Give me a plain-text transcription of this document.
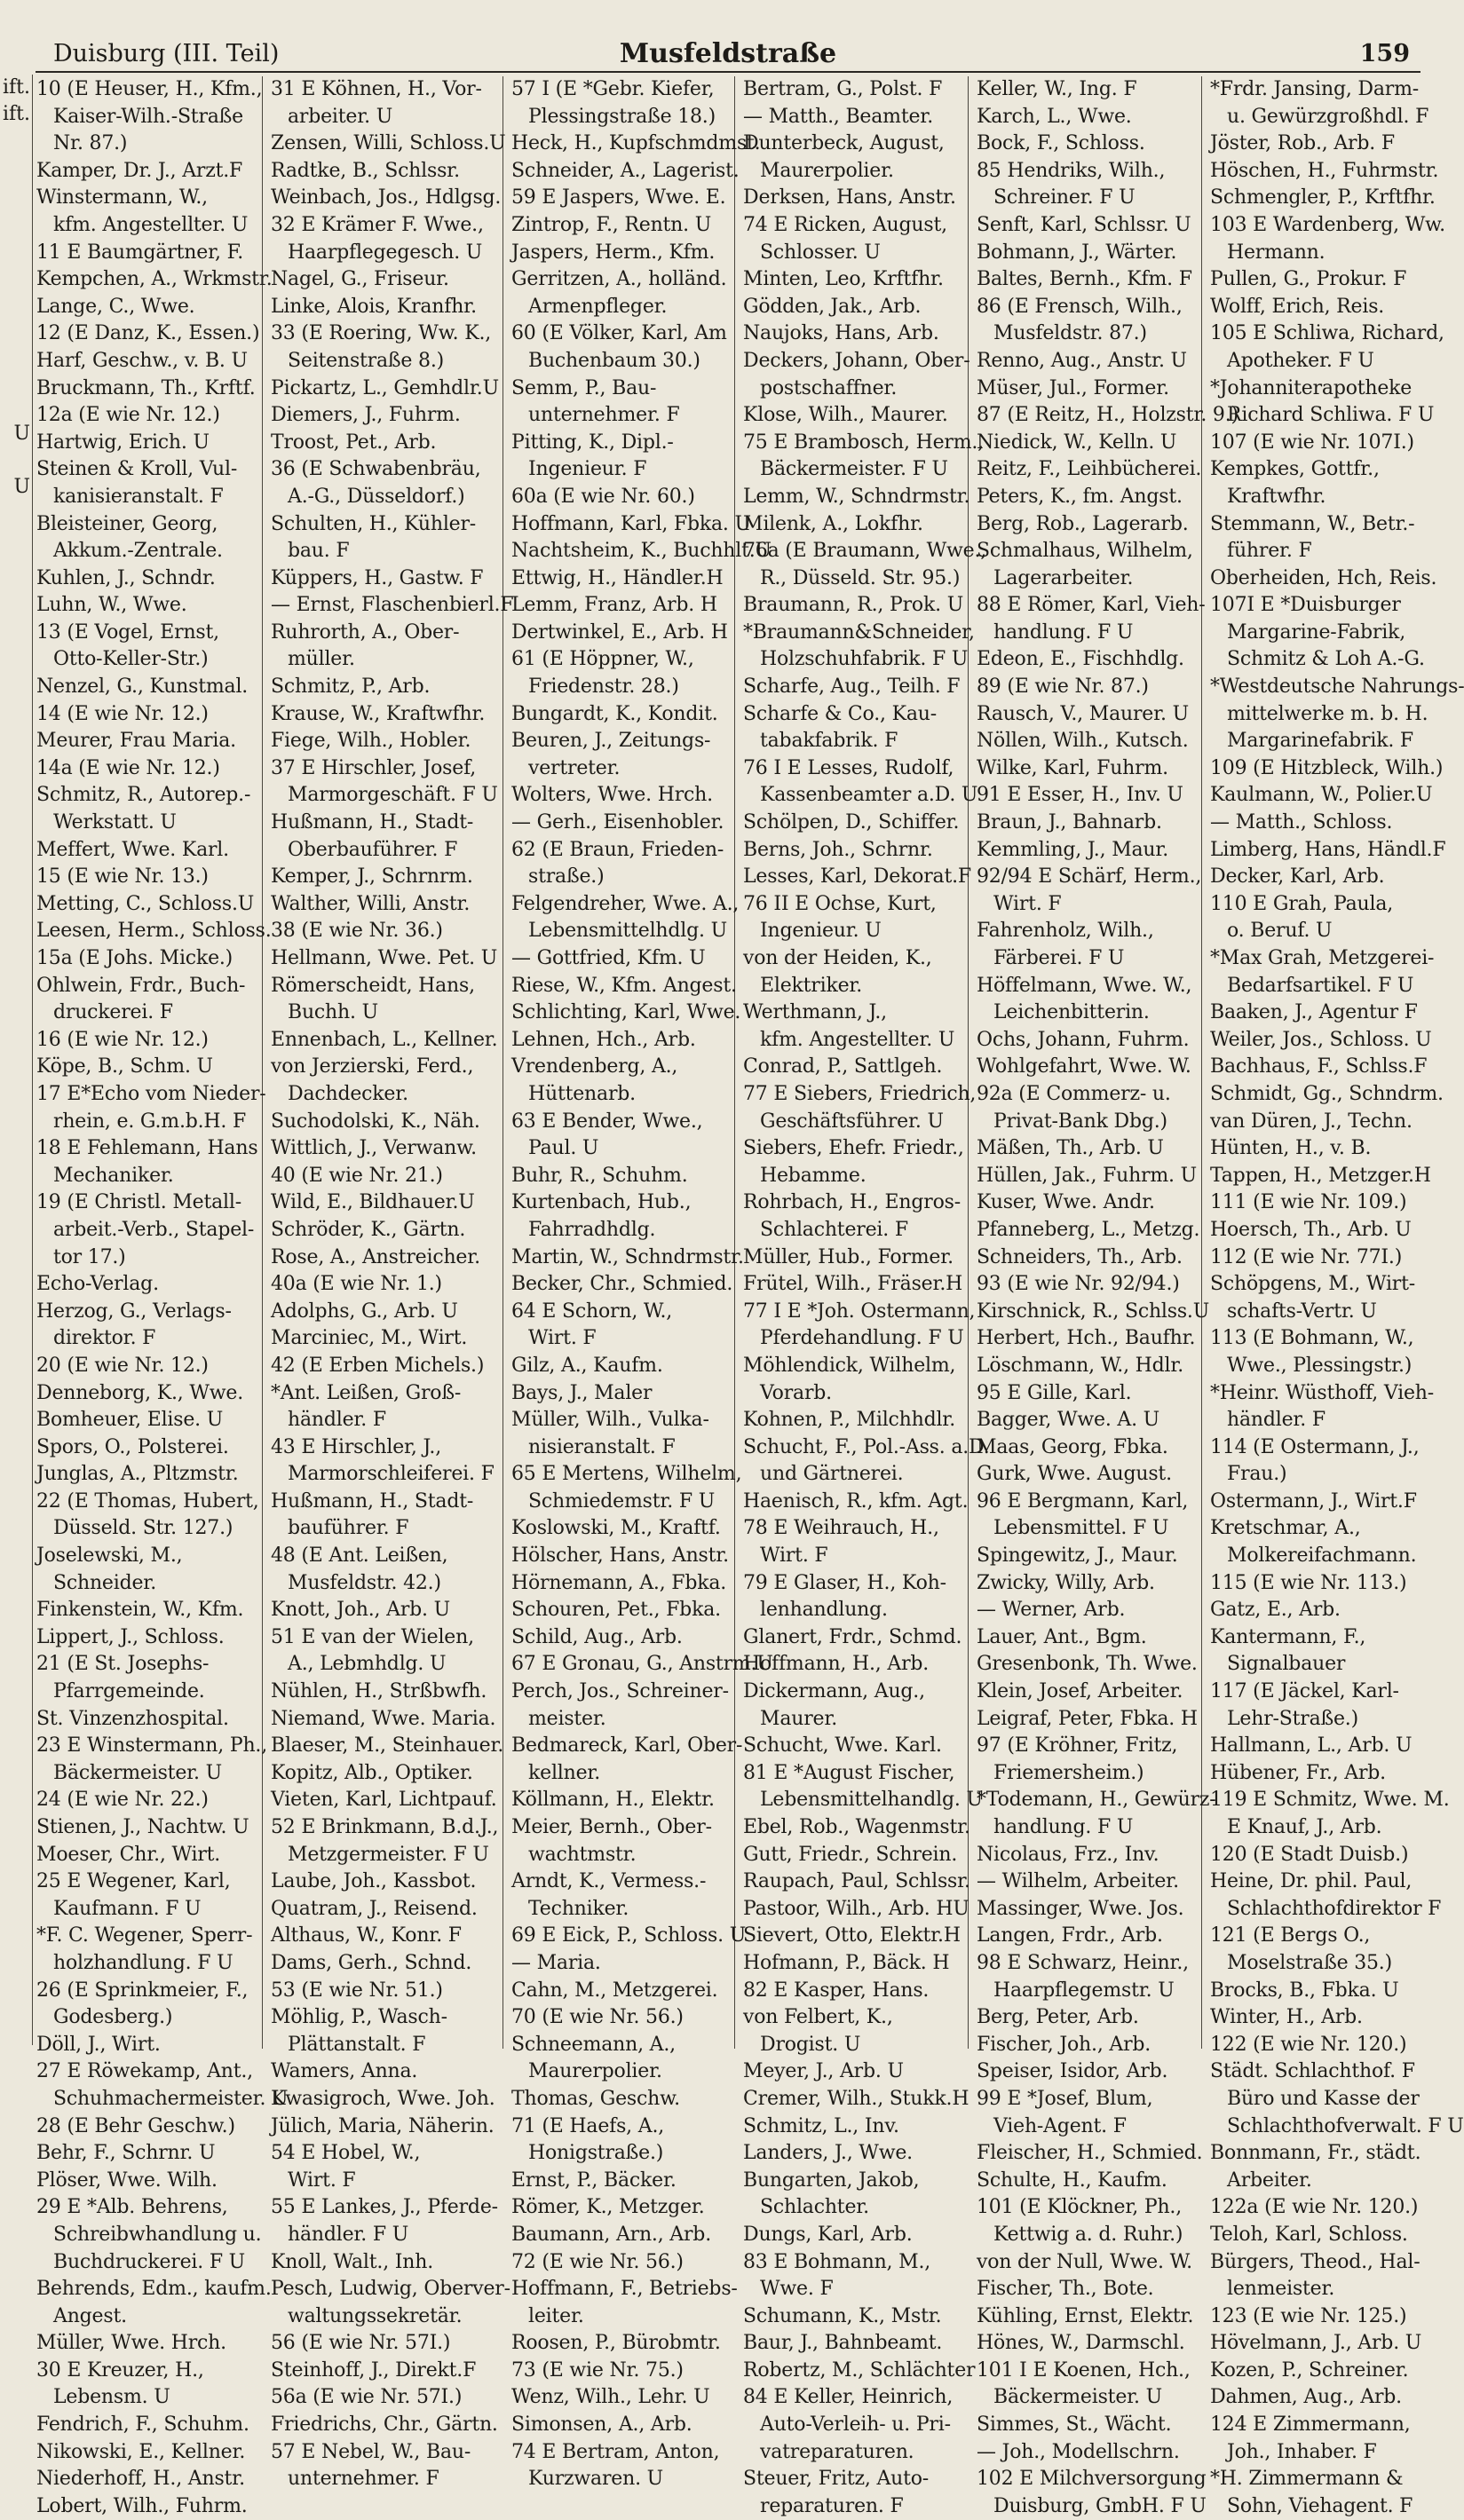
Duisburg (III. Teil)	Musfeldstraße	159
ift.
ift.
U
U
10 (E Heuser, H., Kfm.,
Kaiser-Wilh.-Straße
Nr. 87.)
Kamper, Dr. J., Arzt.F
Winstermann, W.,
kfm. Angestellter. U
11 E Baumgärtner, F.
Kempchen, A., Wrkmstr.
Lange, C., Wwe.
12 (E Danz, K., Essen.)
Harf, Geschw., v. B. U
Bruckmann, Th., Krftf.
12a (E wie Nr. 12.)
Hartwig, Erich. U
Steinen & Kroll, Vul-
kanisieranstalt. F
Bleisteiner, Georg,
Akkum.-Zentrale.
Kuhlen, J., Schndr.
Luhn, W., Wwe.
13 (E Vogel, Ernst,
Otto-Keller-Str.)
Nenzel, G., Kunstmal.
14 (E wie Nr. 12.)
Meurer, Frau Maria.
14a (E wie Nr. 12.)
Schmitz, R., Autorep.-
Werkstatt. U
Meffert, Wwe. Karl.
15 (E wie Nr. 13.)
Metting, C., Schloss.U
Leesen, Herm., Schloss.
15a (E Johs. Micke.)
Ohlwein, Frdr., Buch-
druckerei. F
16 (E wie Nr. 12.)
Köpe, B., Schm. U
17 E*Echo vom Nieder-
rhein, e. G.m.b.H. F
18 E Fehlemann, Hans
Mechaniker.
19 (E Christl. Metall-
arbeit.-Verb., Stapel-
tor 17.)
Echo-Verlag.
Herzog, G., Verlags-
direktor. F
20 (E wie Nr. 12.)
Denneborg, K., Wwe.
Bomheuer, Elise. U
Spors, O., Polsterei.
Junglas, A., Pltzmstr.
22 (E Thomas, Hubert,
Düsseld. Str. 127.)
Joselewski, M.,
Schneider.
Finkenstein, W., Kfm.
Lippert, J., Schloss.
21 (E St. Josephs-
Pfarrgemeinde.
St. Vinzenzhospital.
23 E Winstermann, Ph.,
Bäckermeister. U
24 (E wie Nr. 22.)
Stienen, J., Nachtw. U
Moeser, Chr., Wirt.
25 E Wegener, Karl,
Kaufmann. F U
*F. C. Wegener, Sperr-
holzhandlung. F U
26 (E Sprinkmeier, F.,
Godesberg.)
Döll, J., Wirt.
27 E Röwekamp, Ant.,
Schuhmachermeister. U
28 (E Behr Geschw.)
Behr, F., Schrnr. U
Plöser, Wwe. Wilh.
29 E *Alb. Behrens,
Schreibwhandlung u.
Buchdruckerei. F U
Behrends, Edm., kaufm.
Angest.
Müller, Wwe. Hrch.
30 E Kreuzer, H.,
Lebensm. U
Fendrich, F., Schuhm.
Nikowski, E., Kellner.
Niederhoff, H., Anstr.
Lobert, Wilh., Fuhrm.
31 E Köhnen, H., Vor-
arbeiter. U
Zensen, Willi, Schloss.U
Radtke, B., Schlssr.
Weinbach, Jos., Hdlgsg.
32 E Krämer F. Wwe.,
Haarpflegegesch. U
Nagel, G., Friseur.
Linke, Alois, Kranfhr.
33 (E Roering, Ww. K.,
Seitenstraße 8.)
Pickartz, L., Gemhdlr.U
Diemers, J., Fuhrm.
Troost, Pet., Arb.
36 (E Schwabenbräu,
A.-G., Düsseldorf.)
Schulten, H., Kühler-
bau. F
Küppers, H., Gastw. F
— Ernst, Flaschenbierl.F
Ruhrorth, A., Ober-
müller.
Schmitz, P., Arb.
Krause, W., Kraftwfhr.
Fiege, Wilh., Hobler.
37 E Hirschler, Josef,
Marmorgeschäft. F U
Hußmann, H., Stadt-
Oberbauführer. F
Kemper, J., Schrnrm.
Walther, Willi, Anstr.
38 (E wie Nr. 36.)
Hellmann, Wwe. Pet. U
Römerscheidt, Hans,
Buchh. U
Ennenbach, L., Kellner.
von Jerzierski, Ferd.,
Dachdecker.
Suchodolski, K., Näh.
Wittlich, J., Verwanw.
40 (E wie Nr. 21.)
Wild, E., Bildhauer.U
Schröder, K., Gärtn.
Rose, A., Anstreicher.
40a (E wie Nr. 1.)
Adolphs, G., Arb. U
Marciniec, M., Wirt.
42 (E Erben Michels.)
*Ant. Leißen, Groß-
händler. F
43 E Hirschler, J.,
Marmorschleiferei. F
Hußmann, H., Stadt-
bauführer. F
48 (E Ant. Leißen,
Musfeldstr. 42.)
Knott, Joh., Arb. U
51 E van der Wielen,
A., Lebmhdlg. U
Nühlen, H., Strßbwfh.
Niemand, Wwe. Maria.
Blaeser, M., Steinhauer.
Kopitz, Alb., Optiker.
Vieten, Karl, Lichtpauf.
52 E Brinkmann, B.d.J.,
Metzgermeister. F U
Laube, Joh., Kassbot.
Quatram, J., Reisend.
Althaus, W., Konr. F
Dams, Gerh., Schnd.
53 (E wie Nr. 51.)
Möhlig, P., Wasch-
Plättanstalt. F
Wamers, Anna.
Kwasigroch, Wwe. Joh.
Jülich, Maria, Näherin.
54 E Hobel, W.,
Wirt. F
55 E Lankes, J., Pferde-
händler. F U
Knoll, Walt., Inh.
Pesch, Ludwig, Oberver-
waltungssekretär.
56 (E wie Nr. 57I.)
Steinhoff, J., Direkt.F
56a (E wie Nr. 57I.)
Friedrichs, Chr., Gärtn.
57 E Nebel, W., Bau-
unternehmer. F
57 I (E *Gebr. Kiefer,
Plessingstraße 18.)
Heck, H., Kupfschmdmst.
Schneider, A., Lagerist.
59 E Jaspers, Wwe. E.
Zintrop, F., Rentn. U
Jaspers, Herm., Kfm.
Gerritzen, A., holländ.
Armenpfleger.
60 (E Völker, Karl, Am
Buchenbaum 30.)
Semm, P., Bau-
unternehmer. F
Pitting, K., Dipl.-
Ingenieur. F
60a (E wie Nr. 60.)
Hoffmann, Karl, Fbka. U
Nachtsheim, K., Buchhlt.U
Ettwig, H., Händler.H
Lemm, Franz, Arb. H
Dertwinkel, E., Arb. H
61 (E Höppner, W.,
Friedenstr. 28.)
Bungardt, K., Kondit.
Beuren, J., Zeitungs-
vertreter.
Wolters, Wwe. Hrch.
— Gerh., Eisenhobler.
62 (E Braun, Frieden-
straße.)
Felgendreher, Wwe. A.,
Lebensmittelhdlg. U
— Gottfried, Kfm. U
Riese, W., Kfm. Angest.
Schlichting, Karl, Wwe.
Lehnen, Hch., Arb.
Vrendenberg, A.,
Hüttenarb.
63 E Bender, Wwe.,
Paul. U
Buhr, R., Schuhm.
Kurtenbach, Hub.,
Fahrradhdlg.
Martin, W., Schndrmstr.
Becker, Chr., Schmied.
64 E Schorn, W.,
Wirt. F
Gilz, A., Kaufm.
Bays, J., Maler
Müller, Wilh., Vulka-
nisieranstalt. F
65 E Mertens, Wilhelm,
Schmiedemstr. F U
Koslowski, M., Kraftf.
Hölscher, Hans, Anstr.
Hörnemann, A., Fbka.
Schouren, Pet., Fbka.
Schild, Aug., Arb.
67 E Gronau, G., Anstrm.U
Perch, Jos., Schreiner-
meister.
Bedmareck, Karl, Ober-
kellner.
Köllmann, H., Elektr.
Meier, Bernh., Ober-
wachtmstr.
Arndt, K., Vermess.-
Techniker.
69 E Eick, P., Schloss. U
— Maria.
Cahn, M., Metzgerei.
70 (E wie Nr. 56.)
Schneemann, A.,
Maurerpolier.
Thomas, Geschw.
71 (E Haefs, A.,
Honigstraße.)
Ernst, P., Bäcker.
Römer, K., Metzger.
Baumann, Arn., Arb.
72 (E wie Nr. 56.)
Hoffmann, F., Betriebs-
leiter.
Roosen, P., Bürobmtr.
73 (E wie Nr. 75.)
Wenz, Wilh., Lehr. U
Simonsen, A., Arb.
74 E Bertram, Anton,
Kurzwaren. U
Bertram, G., Polst. F
— Matth., Beamter.
Dunterbeck, August,
Maurerpolier.
Derksen, Hans, Anstr.
74 E Ricken, August,
Schlosser. U
Minten, Leo, Krftfhr.
Gödden, Jak., Arb.
Naujoks, Hans, Arb.
Deckers, Johann, Ober-
postschaffner.
Klose, Wilh., Maurer.
75 E Brambosch, Herm.,
Bäckermeister. F U
Lemm, W., Schndrmstr.
Milenk, A., Lokfhr.
76a (E Braumann, Wwe.,
R., Düsseld. Str. 95.)
Braumann, R., Prok. U
*Braumann&Schneider,
Holzschuhfabrik. F U
Scharfe, Aug., Teilh. F
Scharfe & Co., Kau-
tabakfabrik. F
76 I E Lesses, Rudolf,
Kassenbeamter a.D. U
Schölpen, D., Schiffer.
Berns, Joh., Schrnr.
Lesses, Karl, Dekorat.F
76 II E Ochse, Kurt,
Ingenieur. U
von der Heiden, K.,
Elektriker.
Werthmann, J.,
kfm. Angestellter. U
Conrad, P., Sattlgeh.
77 E Siebers, Friedrich,
Geschäftsführer. U
Siebers, Ehefr. Friedr.,
Hebamme.
Rohrbach, H., Engros-
Schlachterei. F
Müller, Hub., Former.
Frütel, Wilh., Fräser.H
77 I E *Joh. Ostermann,
Pferdehandlung. F U
Möhlendick, Wilhelm,
Vorarb.
Kohnen, P., Milchhdlr.
Schucht, F., Pol.-Ass. a.D.
und Gärtnerei.
Haenisch, R., kfm. Agt.
78 E Weihrauch, H.,
Wirt. F
79 E Glaser, H., Koh-
lenhandlung.
Glanert, Frdr., Schmd.
Hoffmann, H., Arb.
Dickermann, Aug.,
Maurer.
Schucht, Wwe. Karl.
81 E *August Fischer,
Lebensmittelhandlg. U
Ebel, Rob., Wagenmstr.
Gutt, Friedr., Schrein.
Raupach, Paul, Schlssr.
Pastoor, Wilh., Arb. HU
Sievert, Otto, Elektr.H
Hofmann, P., Bäck. H
82 E Kasper, Hans.
von Felbert, K.,
Drogist. U
Meyer, J., Arb. U
Cremer, Wilh., Stukk.H
Schmitz, L., Inv.
Landers, J., Wwe.
Bungarten, Jakob,
Schlachter.
Dungs, Karl, Arb.
83 E Bohmann, M.,
Wwe. F
Schumann, K., Mstr.
Baur, J., Bahnbeamt.
Robertz, M., Schlächter
84 E Keller, Heinrich,
Auto-Verleih- u. Pri-
vatreparaturen.
Steuer, Fritz, Auto-
reparaturen. F
Keller, W., Ing. F
Karch, L., Wwe.
Bock, F., Schloss.
85 Hendriks, Wilh.,
Schreiner. F U
Senft, Karl, Schlssr. U
Bohmann, J., Wärter.
Baltes, Bernh., Kfm. F
86 (E Frensch, Wilh.,
Musfeldstr. 87.)
Renno, Aug., Anstr. U
Müser, Jul., Former.
87 (E Reitz, H., Holzstr. 9.)
Niedick, W., Kelln. U
Reitz, F., Leihbücherei.
Peters, K., fm. Angst.
Berg, Rob., Lagerarb.
Schmalhaus, Wilhelm,
Lagerarbeiter.
88 E Römer, Karl, Vieh-
handlung. F U
Edeon, E., Fischhdlg.
89 (E wie Nr. 87.)
Rausch, V., Maurer. U
Nöllen, Wilh., Kutsch.
Wilke, Karl, Fuhrm.
91 E Esser, H., Inv. U
Braun, J., Bahnarb.
Kemmling, J., Maur.
92/94 E Schärf, Herm.,
Wirt. F
Fahrenholz, Wilh.,
Färberei. F U
Höffelmann, Wwe. W.,
Leichenbitterin.
Ochs, Johann, Fuhrm.
Wohlgefahrt, Wwe. W.
92a (E Commerz- u.
Privat-Bank Dbg.)
Mäßen, Th., Arb. U
Hüllen, Jak., Fuhrm. U
Kuser, Wwe. Andr.
Pfanneberg, L., Metzg.
Schneiders, Th., Arb.
93 (E wie Nr. 92/94.)
Kirschnick, R., Schlss.U
Herbert, Hch., Baufhr.
Löschmann, W., Hdlr.
95 E Gille, Karl.
Bagger, Wwe. A. U
Maas, Georg, Fbka.
Gurk, Wwe. August.
96 E Bergmann, Karl,
Lebensmittel. F U
Spingewitz, J., Maur.
Zwicky, Willy, Arb.
— Werner, Arb.
Lauer, Ant., Bgm.
Gresenbonk, Th. Wwe.
Klein, Josef, Arbeiter.
Leigraf, Peter, Fbka. H
97 (E Kröhner, Fritz,
Friemersheim.)
*Todemann, H., Gewürz-
handlung. F U
Nicolaus, Frz., Inv.
— Wilhelm, Arbeiter.
Massinger, Wwe. Jos.
Langen, Frdr., Arb.
98 E Schwarz, Heinr.,
Haarpflegemstr. U
Berg, Peter, Arb.
Fischer, Joh., Arb.
Speiser, Isidor, Arb.
99 E *Josef, Blum,
Vieh-Agent. F
Fleischer, H., Schmied.
Schulte, H., Kaufm.
101 (E Klöckner, Ph.,
Kettwig a. d. Ruhr.)
von der Null, Wwe. W.
Fischer, Th., Bote.
Kühling, Ernst, Elektr.
Hönes, W., Darmschl.
101 I E Koenen, Hch.,
Bäckermeister. U
Simmes, St., Wächt.
— Joh., Modellschrn.
102 E Milchversorgung
Duisburg, GmbH. F U
*Frdr. Jansing, Darm-
u. Gewürzgroßhdl. F
Jöster, Rob., Arb. F
Höschen, H., Fuhrmstr.
Schmengler, P., Krftfhr.
103 E Wardenberg, Ww.
Hermann.
Pullen, G., Prokur. F
Wolff, Erich, Reis.
105 E Schliwa, Richard,
Apotheker. F U
*Johanniterapotheke
Richard Schliwa. F U
107 (E wie Nr. 107I.)
Kempkes, Gottfr.,
Kraftwfhr.
Stemmann, W., Betr.-
führer. F
Oberheiden, Hch, Reis.
107I E *Duisburger
Margarine-Fabrik,
Schmitz & Loh A.-G.
*Westdeutsche Nahrungs-
mittelwerke m. b. H.
Margarinefabrik. F
109 (E Hitzbleck, Wilh.)
Kaulmann, W., Polier.U
— Matth., Schloss.
Limberg, Hans, Händl.F
Decker, Karl, Arb.
110 E Grah, Paula,
o. Beruf. U
*Max Grah, Metzgerei-
Bedarfsartikel. F U
Baaken, J., Agentur F
Weiler, Jos., Schloss. U
Bachhaus, F., Schlss.F
Schmidt, Gg., Schndrm.
van Düren, J., Techn.
Hünten, H., v. B.
Tappen, H., Metzger.H
111 (E wie Nr. 109.)
Hoersch, Th., Arb. U
112 (E wie Nr. 77I.)
Schöpgens, M., Wirt-
schafts-Vertr. U
113 (E Bohmann, W.,
Wwe., Plessingstr.)
*Heinr. Wüsthoff, Vieh-
händler. F
114 (E Ostermann, J.,
Frau.)
Ostermann, J., Wirt.F
Kretschmar, A.,
Molkereifachmann.
115 (E wie Nr. 113.)
Gatz, E., Arb.
Kantermann, F.,
Signalbauer
117 (E Jäckel, Karl-
Lehr-Straße.)
Hallmann, L., Arb. U
Hübener, Fr., Arb.
119 E Schmitz, Wwe. M.
E Knauf, J., Arb.
120 (E Stadt Duisb.)
Heine, Dr. phil. Paul,
Schlachthofdirektor F
121 (E Bergs O.,
Moselstraße 35.)
Brocks, B., Fbka. U
Winter, H., Arb.
122 (E wie Nr. 120.)
Städt. Schlachthof. F
Büro und Kasse der
Schlachthofverwalt. F U
Bonnmann, Fr., städt.
Arbeiter.
122a (E wie Nr. 120.)
Teloh, Karl, Schloss.
Bürgers, Theod., Hal-
lenmeister.
123 (E wie Nr. 125.)
Hövelmann, J., Arb. U
Kozen, P., Schreiner.
Dahmen, Aug., Arb.
124 E Zimmermann,
Joh., Inhaber. F
*H. Zimmermann &
Sohn, Viehagent. F
